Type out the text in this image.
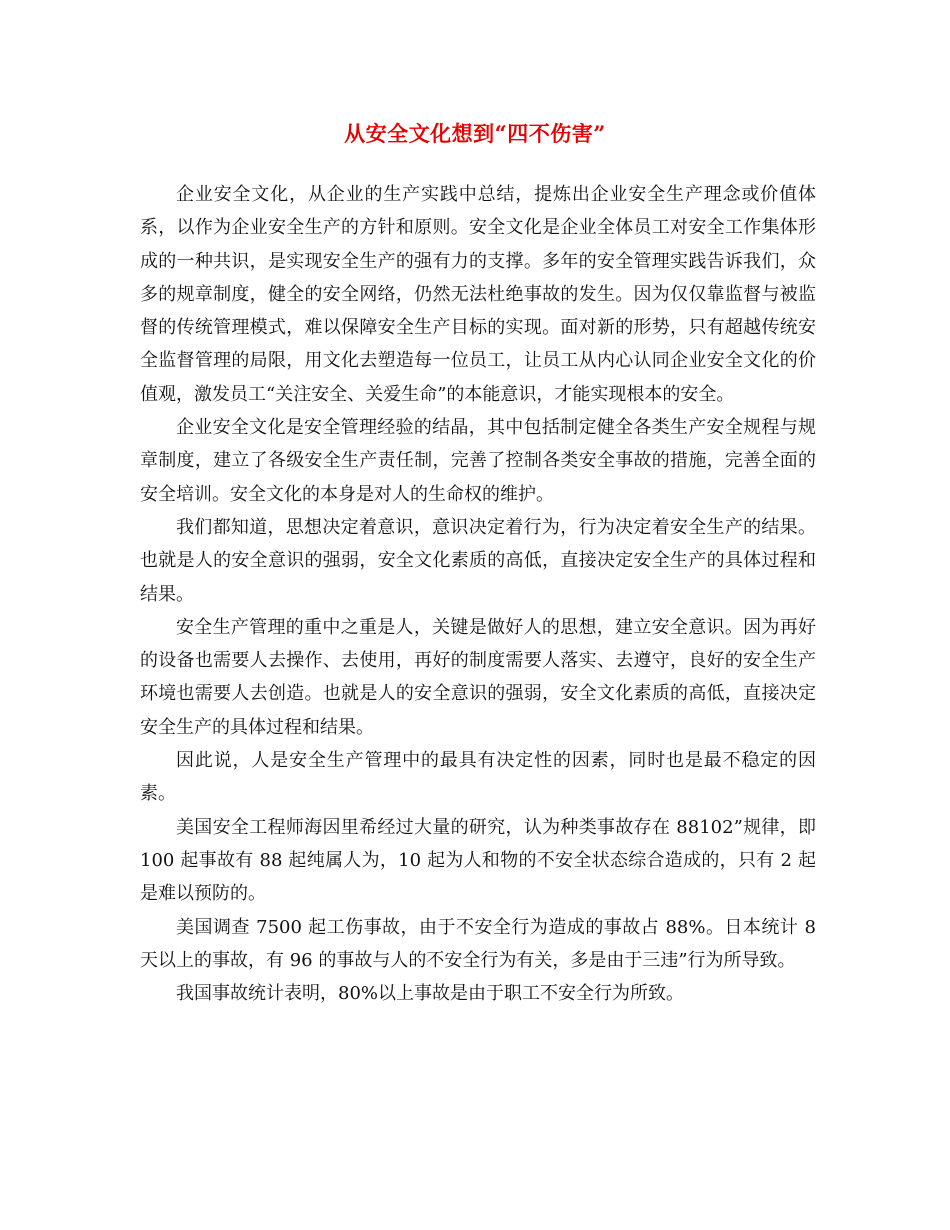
从安全文化想到“四不伤害”

企业安全文化，从企业的生产实践中总结，提炼出企业安全生产理念或价值体系，以作为企业安全生产的方针和原则。安全文化是企业全体员工对安全工作集体形成的一种共识，是实现安全生产的强有力的支撑。多年的安全管理实践告诉我们，众多的规章制度，健全的安全网络，仍然无法杜绝事故的发生。因为仅仅靠监督与被监督的传统管理模式，难以保障安全生产目标的实现。面对新的形势，只有超越传统安全监督管理的局限，用文化去塑造每一位员工，让员工从内心认同企业安全文化的价值观，激发员工“关注安全、关爱生命”的本能意识，才能实现根本的安全。

企业安全文化是安全管理经验的结晶，其中包括制定健全各类生产安全规程与规章制度，建立了各级安全生产责任制，完善了控制各类安全事故的措施，完善全面的安全培训。安全文化的本身是对人的生命权的维护。

我们都知道，思想决定着意识，意识决定着行为，行为决定着安全生产的结果。也就是人的安全意识的强弱，安全文化素质的高低，直接决定安全生产的具体过程和结果。

安全生产管理的重中之重是人，关键是做好人的思想，建立安全意识。因为再好的设备也需要人去操作、去使用，再好的制度需要人落实、去遵守，良好的安全生产环境也需要人去创造。也就是人的安全意识的强弱，安全文化素质的高低，直接决定安全生产的具体过程和结果。

因此说，人是安全生产管理中的最具有决定性的因素，同时也是最不稳定的因素。

美国安全工程师海因里希经过大量的研究，认为种类事故存在 88102”规律，即 100 起事故有 88 起纯属人为，10 起为人和物的不安全状态综合造成的，只有 2 起是难以预防的。

美国调查 7500 起工伤事故，由于不安全行为造成的事故占 88%。日本统计 8 天以上的事故，有 96 的事故与人的不安全行为有关，多是由于三违”行为所导致。

我国事故统计表明，80%以上事故是由于职工不安全行为所致。
